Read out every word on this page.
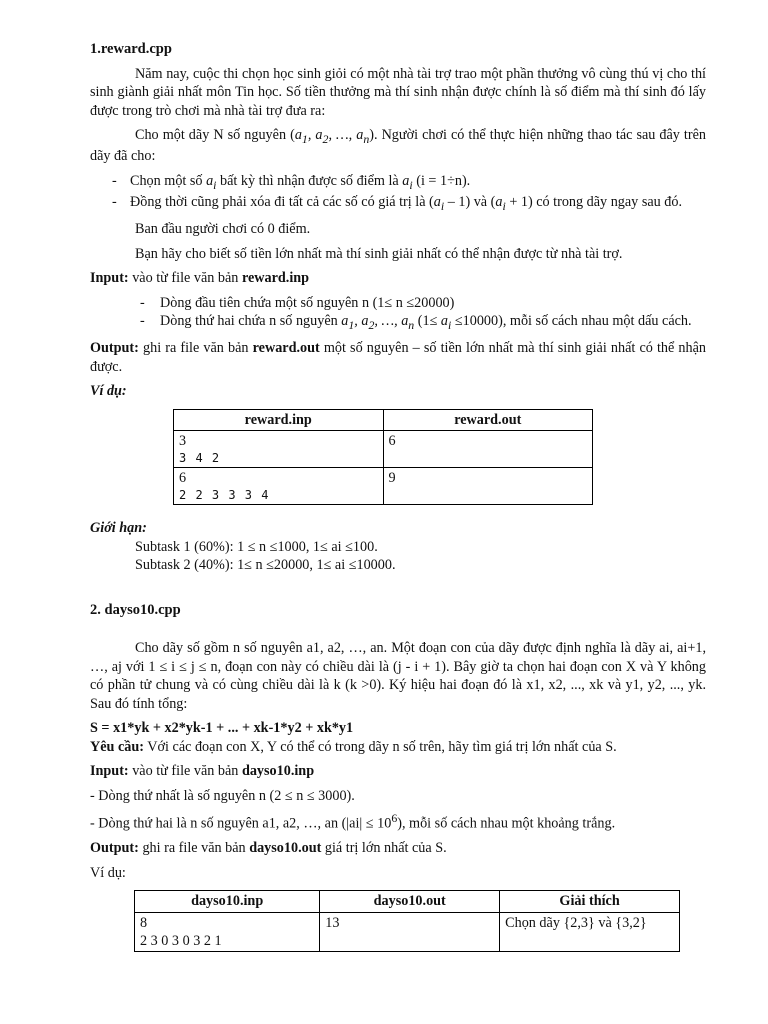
1.reward.cpp

Năm nay, cuộc thi chọn học sinh giỏi có một nhà tài trợ trao một phần thưởng vô cùng thú vị cho thí sinh giành giải nhất môn Tin học. Số tiền thưởng mà thí sinh nhận được chính là số điểm mà thí sinh đó lấy được trong trò chơi mà nhà tài trợ đưa ra:

Cho một dãy N số nguyên ($a_1$, $a_2$, …, $a_n$). Người chơi có thể thực hiện những thao tác sau đây trên dãy đã cho:

- Chọn một số $a_i$ bất kỳ thì nhận được số điểm là $a_i$ (i = 1÷n).

- Đồng thời cũng phải xóa đi tất cả các số có giá trị là $(a_i - 1)$ và $(a_i + 1)$ có trong dãy ngay sau đó.

Ban đầu người chơi có 0 điểm.

Bạn hãy cho biết số tiền lớn nhất mà thí sinh giải nhất có thể nhận được từ nhà tài trợ.

Input: vào từ file văn bản reward.inp

- Dòng đầu tiên chứa một số nguyên n (1≤ n ≤20000)

- Dòng thứ hai chứa n số nguyên $a_1$, $a_2$, …, $a_n$ $(1\le a_i \le 10000)$, mỗi số cách nhau một dấu cách.

Output: ghi ra file văn bản reward.out một số nguyên – số tiền lớn nhất mà thí sinh giải nhất có thể nhận được.

Ví dụ:

reward.inp	reward.out

3
3 4 2	6

6
2 2 3 3 3 4	9

Giới hạn:

Subtask 1 (60%): 1 ≤ n ≤1000, 1≤ ai ≤100.

Subtask 2 (40%): 1≤ n ≤20000, 1≤ ai ≤10000.

2. dayso10.cpp

Cho dãy số gồm n số nguyên a1, a2, …, an. Một đoạn con của dãy được định nghĩa là dãy ai, ai+1, …, aj với 1 ≤ i ≤ j ≤ n, đoạn con này có chiều dài là (j - i + 1). Bây giờ ta chọn hai đoạn con X và Y không có phần tử chung và có cùng chiều dài là k (k >0). Ký hiệu hai đoạn đó là x1, x2, ..., xk và y1, y2, ..., yk. Sau đó tính tổng:

S = x1*yk + x2*yk-1 + ... + xk-1*y2 + xk*y1

Yêu cầu: Với các đoạn con X, Y có thể có trong dãy n số trên, hãy tìm giá trị lớn nhất của S.

Input: vào từ file văn bản dayso10.inp

- Dòng thứ nhất là số nguyên n (2 ≤ n ≤ 3000).

- Dòng thứ hai là n số nguyên a1, a2, …, an $(|ai| \le 10^6)$, mỗi số cách nhau một khoảng trắng.

Output: ghi ra file văn bản dayso10.out giá trị lớn nhất của S.

Ví dụ:

dayso10.inp	dayso10.out	Giải thích

8
2 3 0 3 0 3 2 1	13	Chọn dãy {2,3} và {3,2}
